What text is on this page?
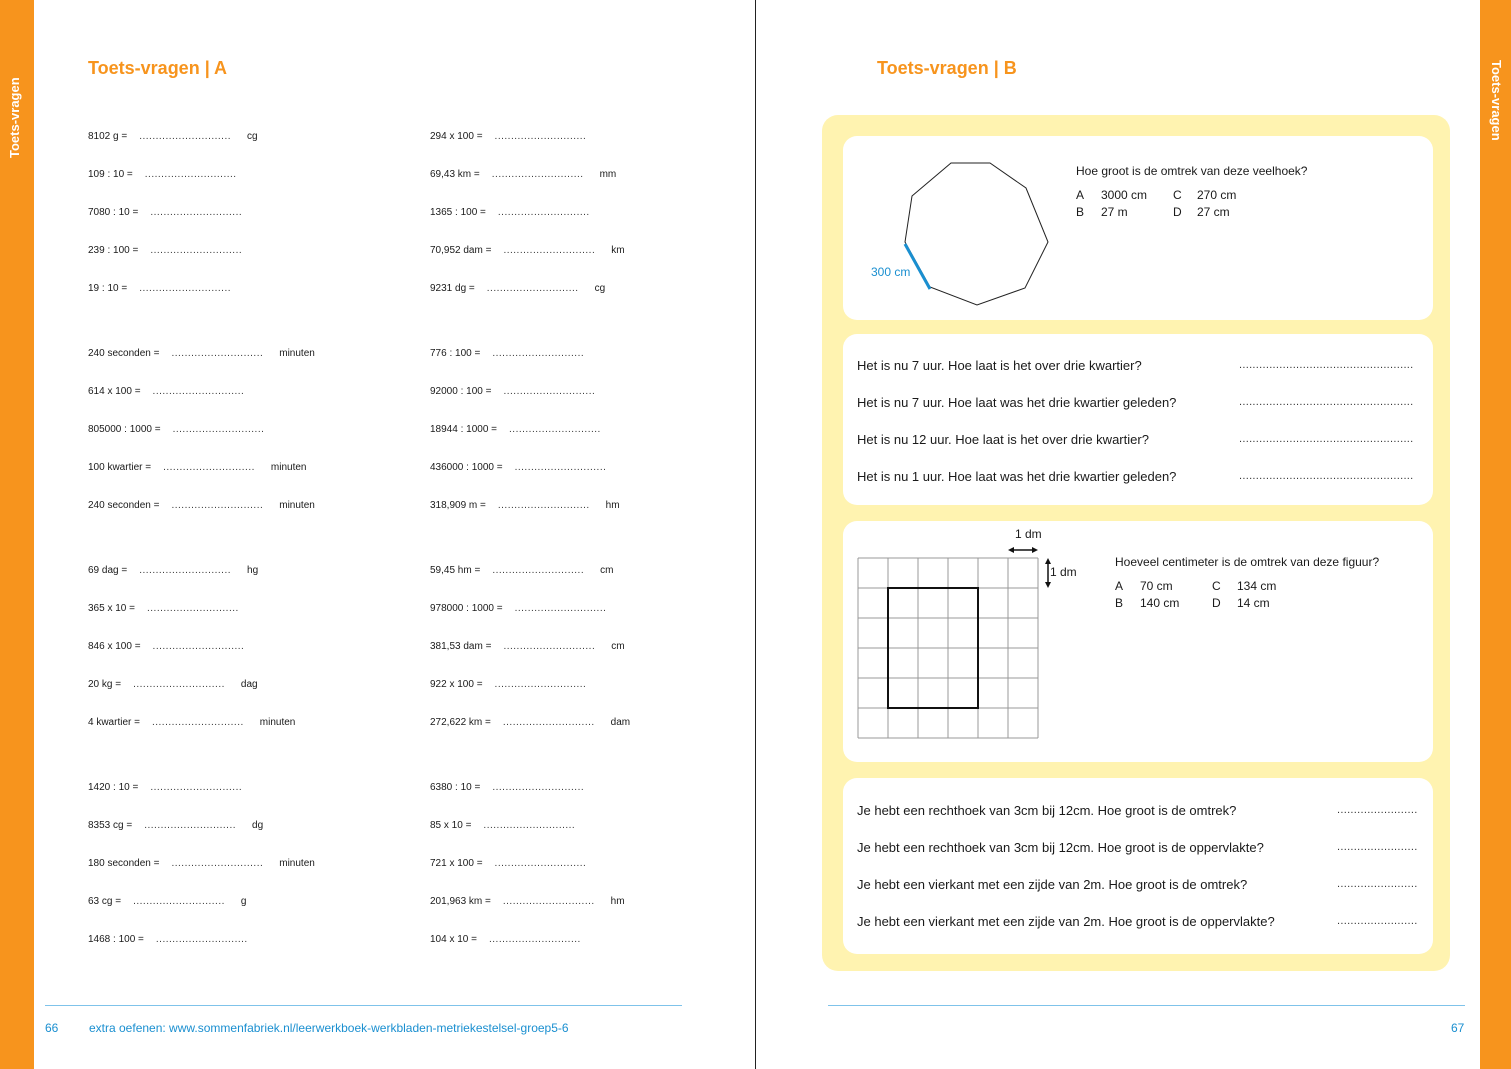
Toets-vragen	Toets-vragen
Toets-vragen | A
8102 g = ............................ cg
109 : 10 = ............................
7080 : 10 = ............................
239 : 100 = ............................
19 : 10 = ............................
240 seconden = ............................ minuten
614 x 100 = ............................
805000 : 1000 = ............................
100 kwartier = ............................ minuten
240 seconden = ............................ minuten
69 dag = ............................ hg
365 x 10 = ............................
846 x 100 = ............................
20 kg = ............................ dag
4 kwartier = ............................ minuten
1420 : 10 = ............................
8353 cg = ............................ dg
180 seconden = ............................ minuten
63 cg = ............................ g
1468 : 100 = ............................
294 x 100 = ............................
69,43 km = ............................ mm
1365 : 100 = ............................
70,952 dam = ............................ km
9231 dg = ............................ cg
776 : 100 = ............................
92000 : 100 = ............................
18944 : 1000 = ............................
436000 : 1000 = ............................
318,909 m = ............................ hm
59,45 hm = ............................ cm
978000 : 1000 = ............................
381,53 dam = ............................ cm
922 x 100 = ............................
272,622 km = ............................ dam
6380 : 10 = ............................
85 x 10 = ............................
721 x 100 = ............................
201,963 km = ............................ hm
104 x 10 = ............................
66	extra oefenen: www.sommenfabriek.nl/leerwerkboek-werkbladen-metriekestelsel-groep5-6
Toets-vragen | B
300 cm
Hoe groot is de omtrek van deze veelhoek?
A 3000 cm C 270 cm
B 27 m	D 27 cm
Het is nu 7 uur. Hoe laat is het over drie kwartier?	....................................................
Het is nu 7 uur. Hoe laat was het drie kwartier geleden?	....................................................
Het is nu 12 uur. Hoe laat is het over drie kwartier?	....................................................
Het is nu 1 uur. Hoe laat was het drie kwartier geleden?	....................................................
1 dm
1 dm
Hoeveel centimeter is de omtrek van deze figuur?
A 70 cm	C 134 cm
B 140 cm	D 14 cm
Je hebt een rechthoek van 3cm bij 12cm. Hoe groot is de omtrek?	........................
Je hebt een rechthoek van 3cm bij 12cm. Hoe groot is de oppervlakte?	........................
Je hebt een vierkant met een zijde van 2m. Hoe groot is de omtrek?	........................
Je hebt een vierkant met een zijde van 2m. Hoe groot is de oppervlakte?	........................
67
